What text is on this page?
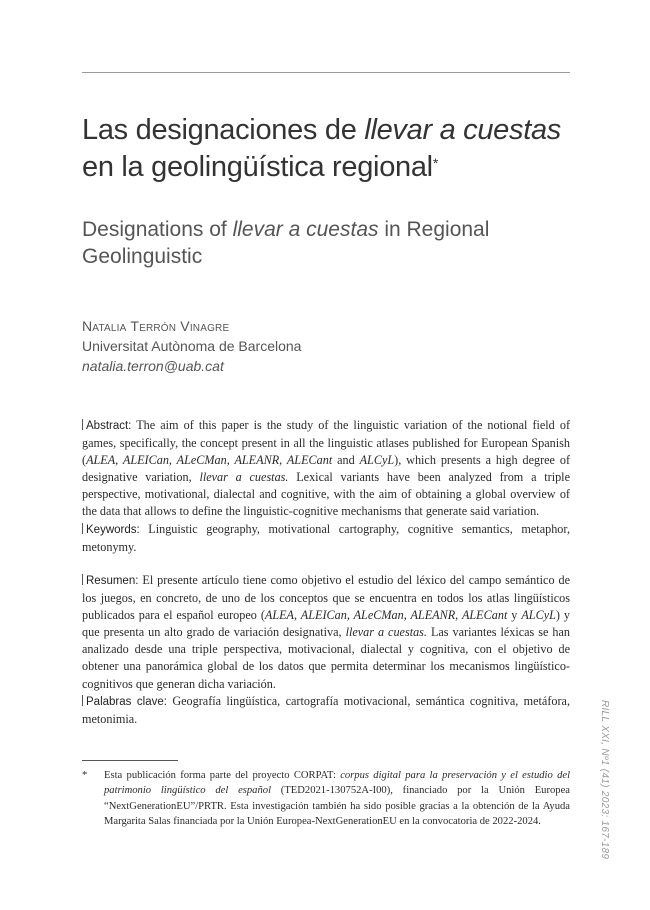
Las designaciones de llevar a cuestas
en la geolingüística regional*
Designations of llevar a cuestas in Regional Geolinguistic
Natalia Terrón Vinagre
Universitat Autònoma de Barcelona
natalia.terron@uab.cat
Abstract: The aim of this paper is the study of the linguistic variation of the notional field of games, specifically, the concept present in all the linguistic atlases published for European Spanish (ALEA, ALEICan, ALeCMan, ALEANR, ALECant and ALCyL), which presents a high degree of designative variation, llevar a cuestas. Lexical variants have been analyzed from a triple perspective, motivational, dialectal and cognitive, with the aim of obtaining a global overview of the data that allows to define the linguistic-cognitive mechanisms that generate said variation.
Keywords: Linguistic geography, motivational cartography, cognitive semantics, metaphor, metonymy.
Resumen: El presente artículo tiene como objetivo el estudio del léxico del campo semántico de los juegos, en concreto, de uno de los conceptos que se encuentra en todos los atlas lingüísticos publicados para el español europeo (ALEA, ALEICan, ALeCMan, ALEANR, ALECant y ALCyL) y que presenta un alto grado de variación designativa, llevar a cuestas. Las variantes léxicas se han analizado desde una triple perspectiva, motivacional, dialectal y cognitiva, con el objetivo de obtener una panorámica global de los datos que permita determinar los mecanismos lingüístico-cognitivos que generan dicha variación.
Palabras clave: Geografía lingüística, cartografía motivacional, semántica cognitiva, metáfora, metonimia.
* Esta publicación forma parte del proyecto CORPAT: corpus digital para la preservación y el estudio del patrimonio lingüístico del español (TED2021-130752A-I00), financiado por la Unión Europea “NextGenerationEU”/PRTR. Esta investigación también ha sido posible gracias a la obtención de la Ayuda Margarita Salas financiada por la Unión Europea-NextGenerationEU en la convocatoria de 2022-2024.	RILL XXI, Nº1 (41) 2023: 167-189
